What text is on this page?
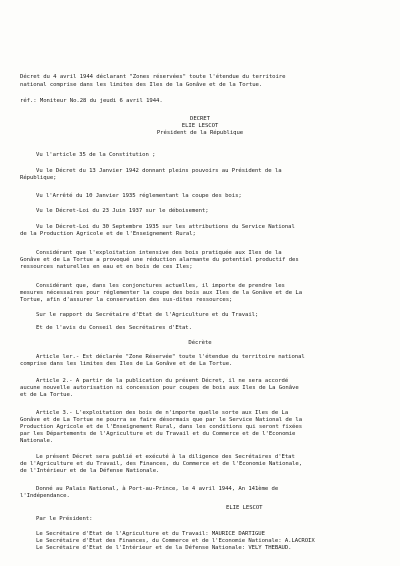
Décret du 4 avril 1944 déclarant "Zones réservées" toute l'étendue du territoire
national comprise dans les limites des Iles de la Gonâve et de la Tortue.
réf.: Moniteur No.28 du jeudi 6 avril 1944.
DECRET
ELIE LESCOT
Président de la République
Vu l'article 35 de la Constitution ;
Vu le Décret du 13 Janvier 1942 donnant pleins pouvoirs au Président de la
République;
Vu l'Arrêté du 10 Janvier 1935 réglementant la coupe des bois;
Vu le Décret-Loi du 23 Juin 1937 sur le déboisement;
Vu le Décret-Loi du 30 Septembre 1935 sur les attributions du Service National
de la Production Agricole et de l'Enseignement Rural;
Considérant que l'exploitation intensive des bois pratiquée aux Iles de la
Gonâve et de La Tortue a provoqué une réduction alarmante du potentiel productif des
ressources naturelles en eau et en bois de ces Iles;
Considérant que, dans les conjonctures actuelles, il importe de prendre les
mesures nécessaires pour réglementer la coupe des bois aux Iles de la Gonâve et de La
Tortue, afin d'assurer la conservation des sus-dites ressources;
Sur le rapport du Secrétaire d'Etat de l'Agriculture et du Travail;
Et de l'avis du Conseil des Secrétaires d'Etat.
Décrète
Article ler.- Est déclarée "Zone Réservée" toute l'étendue du territoire national
comprise dans les limites des Iles de La Gonâve et de La Tortue.
Article 2.- A partir de la publication du présent Décret, il ne sera accordé
aucune nouvelle autorisation ni concession pour coupes de bois aux Iles de La Gonâve
et de La Tortue.
Article 3.- L'exploitation des bois de n'importe quelle sorte aux Iles de La
Gonâve et de La Tortue ne pourra se faire désormais que par le Service National de la
Production Agricole et de l'Enseignement Rural, dans les conditions qui seront fixées
par les Départements de l'Agriculture et du Travail et du Commerce et de l'Economie
Nationale.
Le présent Décret sera publié et exécuté à la diligence des Secrétaires d'Etat
de l'Agriculture et du Travail, des Finances, du Commerce et de l'Economie Nationale,
de l'Intérieur et de la Défense Nationale.
Donné au Palais National, à Port-au-Prince, le 4 avril 1944, An 141ème de
l'Indépendance.
ELIE LESCOT
Par le Président:
Le Secrétaire d'Etat de l'Agriculture et du Travail: MAURICE DARTIGUE
Le Secrétaire d'Etat des Finances, du Commerce et de l'Economie Nationale: A.LACROIX
Le Secrétaire d'Etat de l'Intérieur et de la Défense Nationale: VELY THEBAUD.
